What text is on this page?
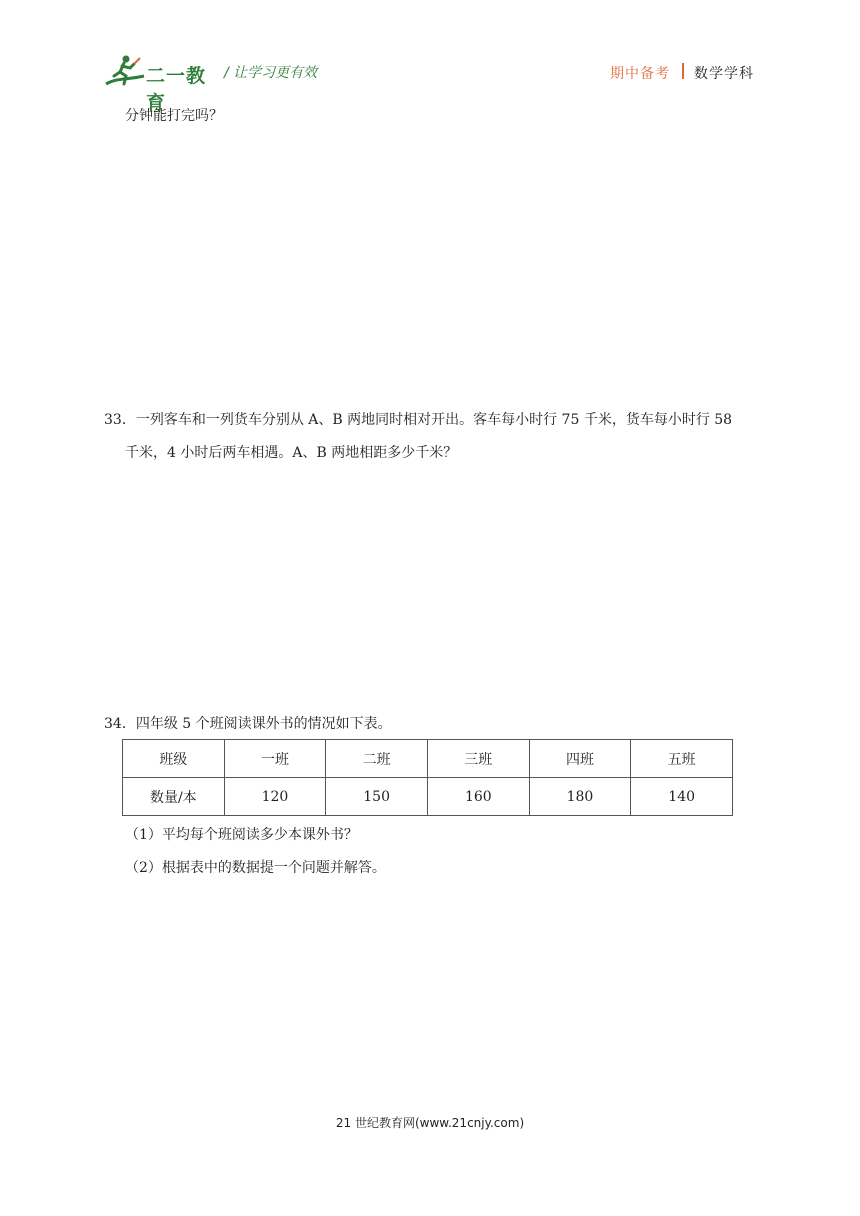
二一教育
/ 让学习更有效	期中备考 数学学科
分钟能打完吗？
33．一列客车和一列货车分别从 A、B 两地同时相对开出。客车每小时行 75 千米，货车每小时行 58
千米，4 小时后两车相遇。A、B 两地相距多少千米？
34．四年级 5 个班阅读课外书的情况如下表。
班级	一班	二班	三班	四班	五班
数量/本	120	150	160	180	140
（1）平均每个班阅读多少本课外书？
（2）根据表中的数据提一个问题并解答。
21 世纪教育网(www.21cnjy.com)
